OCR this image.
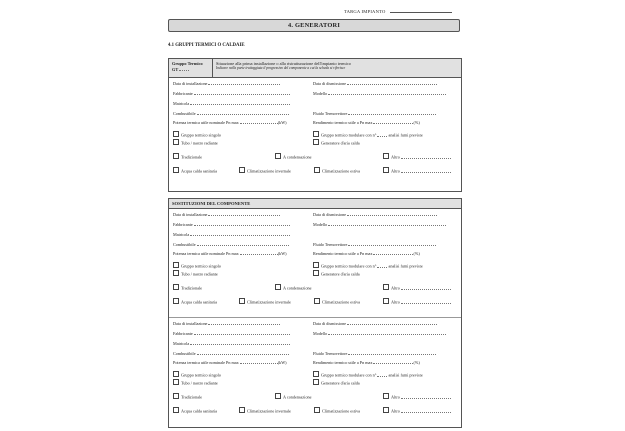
TARGA IMPIANTO
4. GENERATORI
4.1 GRUPPI TERMICI O CALDAIE
Gruppo Termico
GT
Situazione alla prima installazione o alla ristrutturazione dell'impianto termico
Indicare nella parte tratteggiata il progressivo del componente a cui la scheda si riferisce
Data di installazione	Data di dismissione
Fabbricante	Modello
Matricola
Combustibile	Fluido Termovettore
Potenza termica utile nominale Pn max	(kW)	Rendimento termico utile a Pn max	(%)
Gruppo termico singolo	Gruppo termico modulare con n°	analisi fumi previste
Tubo / nastro radiante	Generatore d'aria calda
Tradizionale	A condensazione	Altro
Acqua calda sanitaria	Climatizzazione invernale	Climatizzazione estiva	Altro
SOSTITUZIONI DEL COMPONENTE
Data di installazione	Data di dismissione
Fabbricante	Modello
Matricola
Combustibile	Fluido Termovettore
Potenza termica utile nominale Pn max	(kW)	Rendimento termico utile a Pn max	(%)
Gruppo termico singolo	Gruppo termico modulare con n°	analisi fumi previste
Tubo / nastro radiante	Generatore d'aria calda
Tradizionale	A condensazione	Altro
Acqua calda sanitaria	Climatizzazione invernale	Climatizzazione estiva	Altro
Data di installazione	Data di dismissione
Fabbricante	Modello
Matricola
Combustibile	Fluido Termovettore
Potenza termica utile nominale Pn max	(kW)	Rendimento termico utile a Pn max	(%)
Gruppo termico singolo	Gruppo termico modulare con n°	analisi fumi previste
Tubo / nastro radiante	Generatore d'aria calda
Tradizionale	A condensazione	Altro
Acqua calda sanitaria	Climatizzazione invernale	Climatizzazione estiva	Altro
